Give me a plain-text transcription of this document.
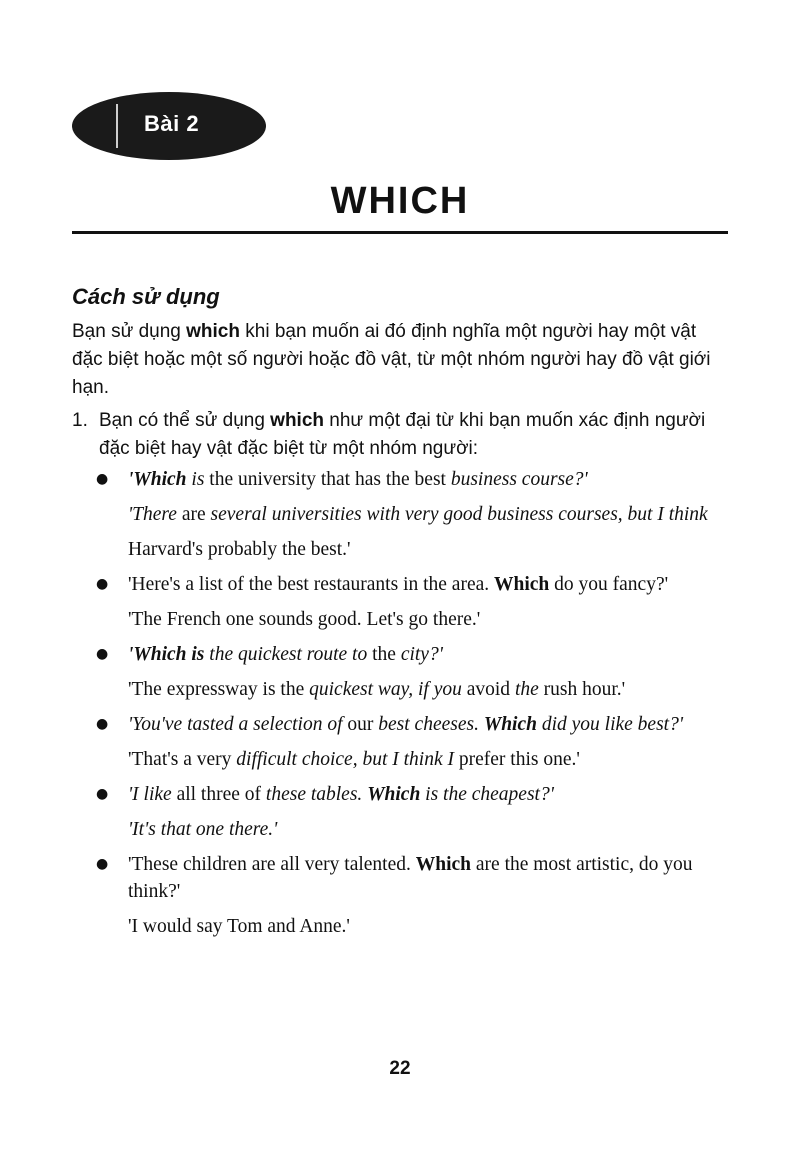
Bài 2
WHICH
Cách sử dụng
Bạn sử dụng which khi bạn muốn ai đó định nghĩa một người hay một vật đặc biệt hoặc một số người hoặc đồ vật, từ một nhóm người hay đồ vật giới hạn.
1. Bạn có thể sử dụng which như một đại từ khi bạn muốn xác định người đặc biệt hay vật đặc biệt từ một nhóm người:
● 'Which is the university that has the best business course?'

'There are several universities with very good business courses, but I think

Harvard's probably the best.'

● 'Here's a list of the best restaurants in the area. Which do you fancy?'

'The French one sounds good. Let's go there.'

● 'Which is the quickest route to the city?'

'The expressway is the quickest way, if you avoid the rush hour.'

● 'You've tasted a selection of our best cheeses. Which did you like best?'

'That's a very difficult choice, but I think I prefer this one.'

● 'I like all three of these tables. Which is the cheapest?'

'It's that one there.'

● 'These children are all very talented. Which are the most artistic, do you think?'

'I would say Tom and Anne.'

22
